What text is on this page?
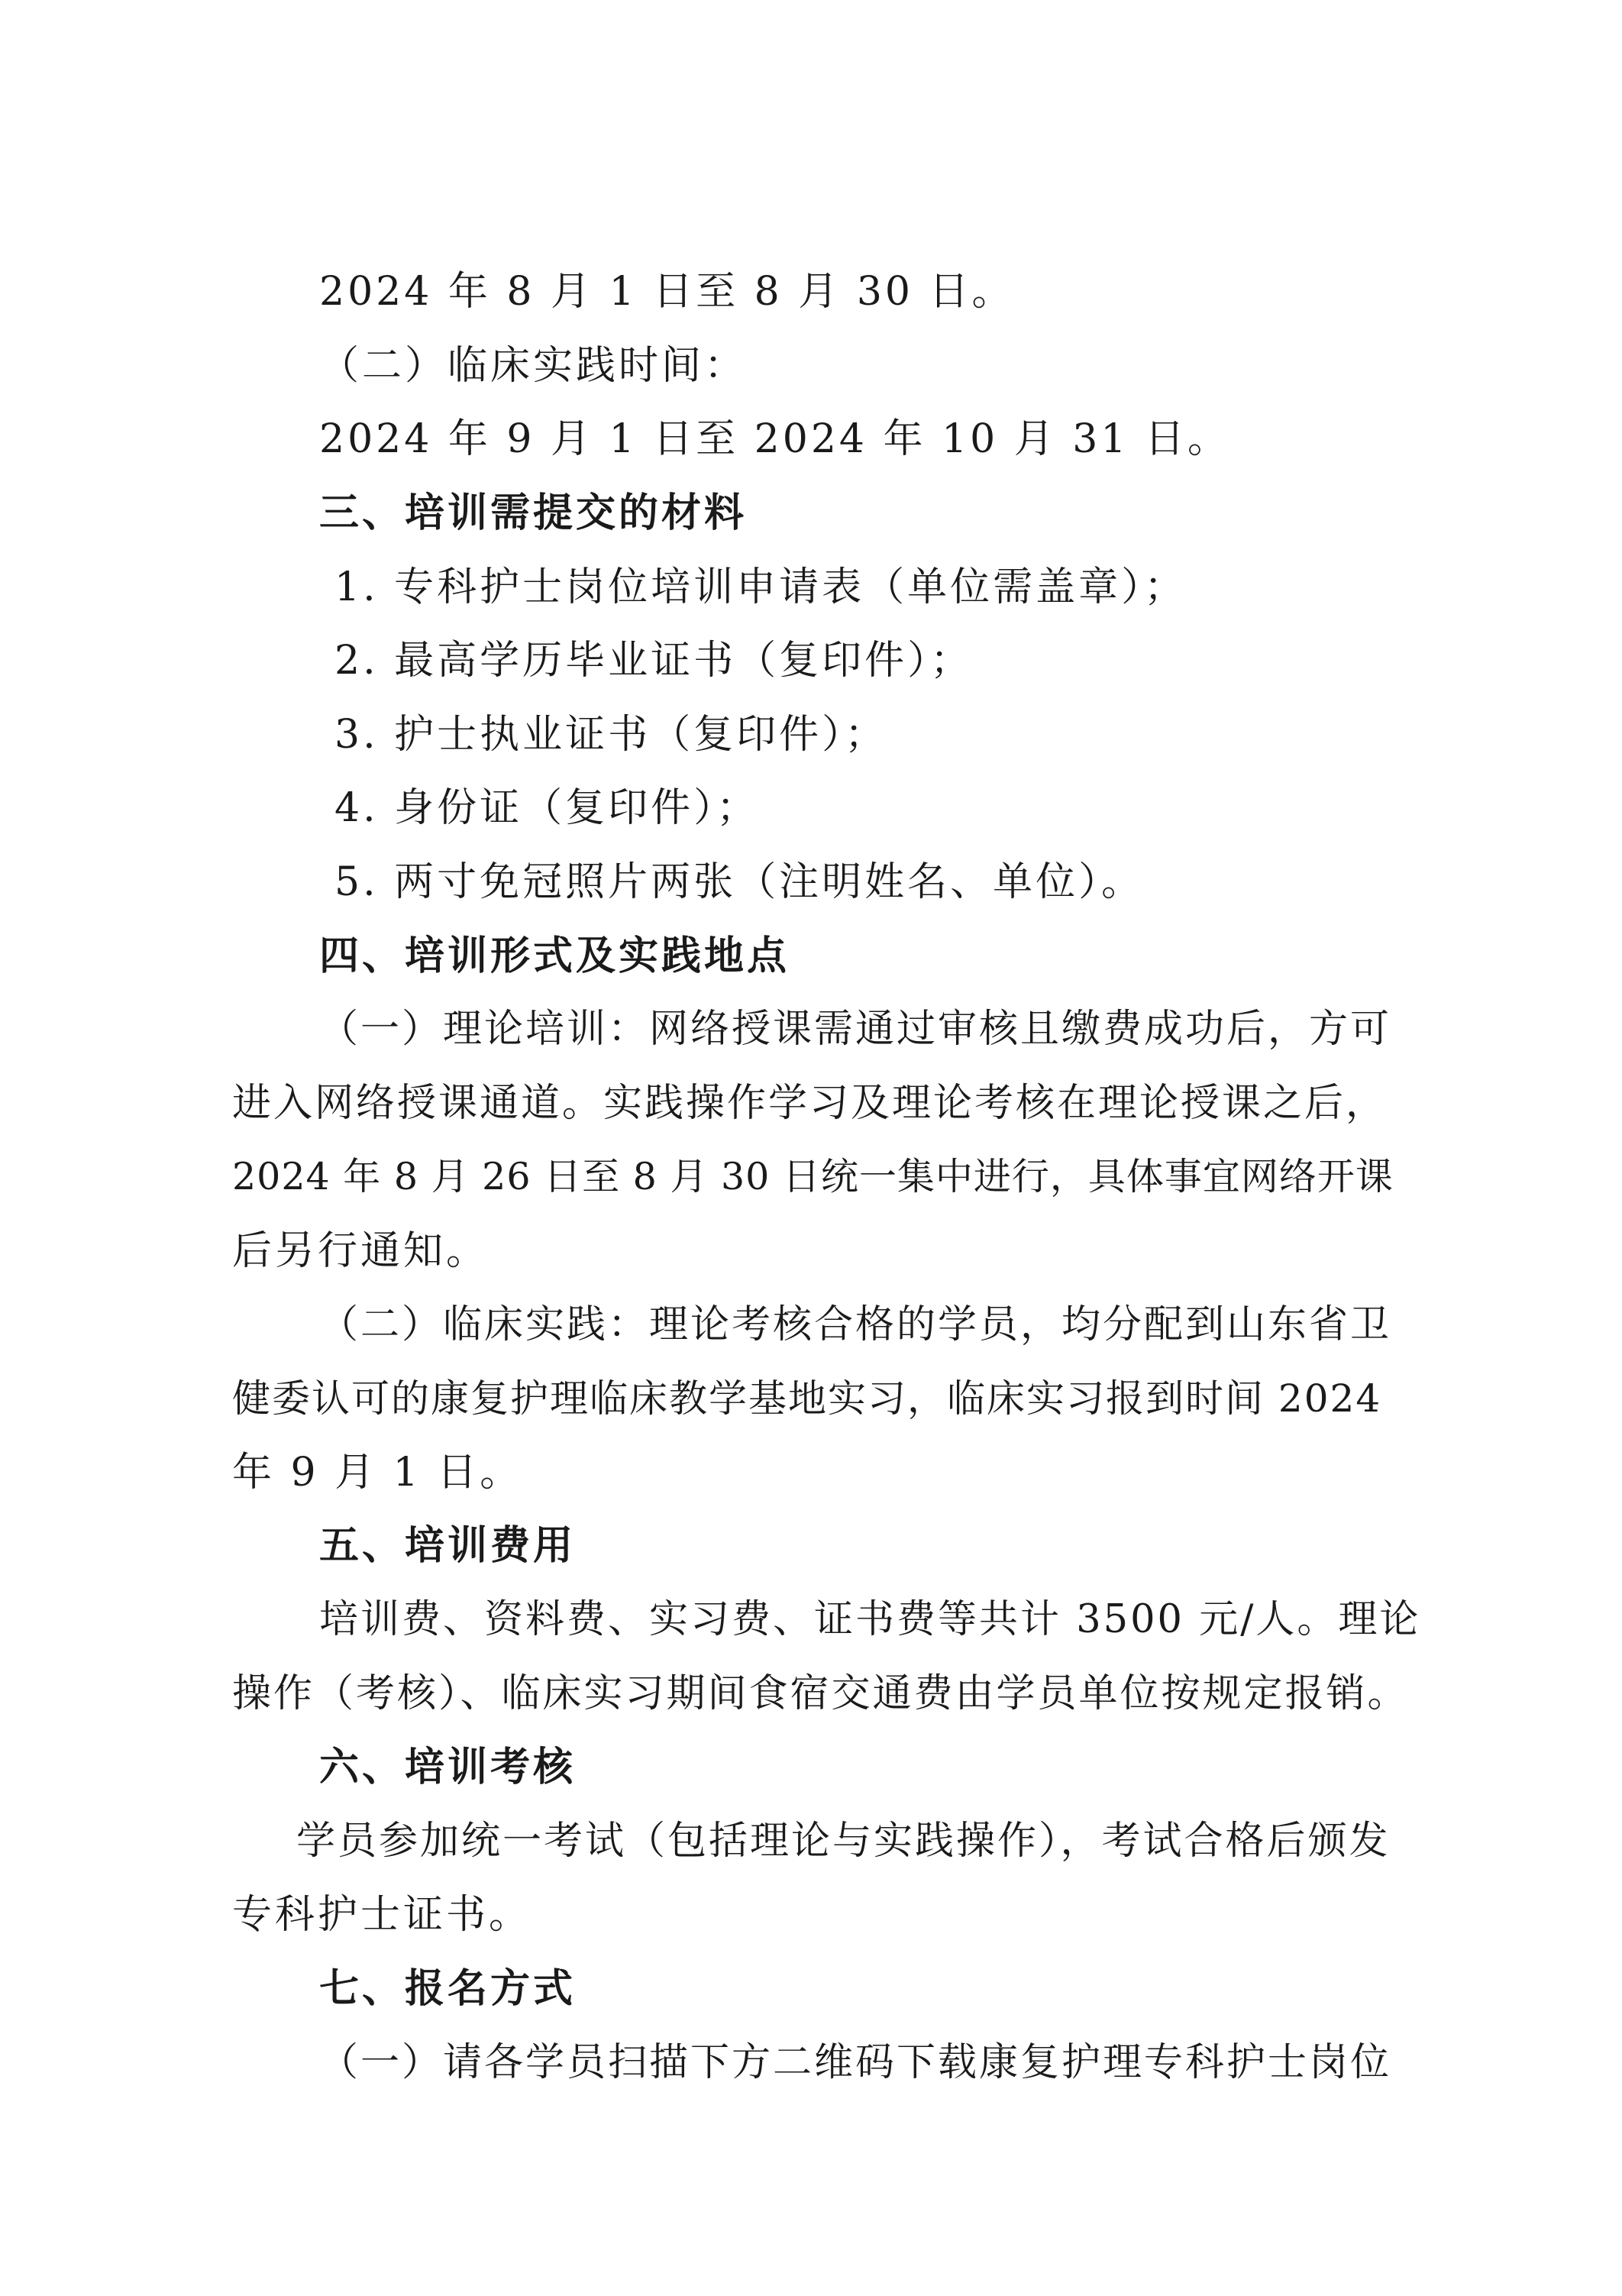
2024 年 8 月 1 日至 8 月 30 日。
（二）临床实践时间：
2024 年 9 月 1 日至 2024 年 10 月 31 日。
三、培训需提交的材料
1. 专科护士岗位培训申请表（单位需盖章）；
2. 最高学历毕业证书（复印件）；
3. 护士执业证书（复印件）；
4. 身份证（复印件）；
5. 两寸免冠照片两张（注明姓名、单位）。
四、培训形式及实践地点
（一）理论培训：网络授课需通过审核且缴费成功后，方可
进入网络授课通道。实践操作学习及理论考核在理论授课之后，
2024 年 8 月 26 日至 8 月 30 日统一集中进行，具体事宜网络开课
后另行通知。
（二）临床实践：理论考核合格的学员，均分配到山东省卫
健委认可的康复护理临床教学基地实习，临床实习报到时间 2024
年 9 月 1 日。
五、培训费用
培训费、资料费、实习费、证书费等共计 3500 元/人。理论
操作（考核）、临床实习期间食宿交通费由学员单位按规定报销。
六、培训考核
学员参加统一考试（包括理论与实践操作），考试合格后颁发
专科护士证书。
七、报名方式
（一）请各学员扫描下方二维码下载康复护理专科护士岗位
